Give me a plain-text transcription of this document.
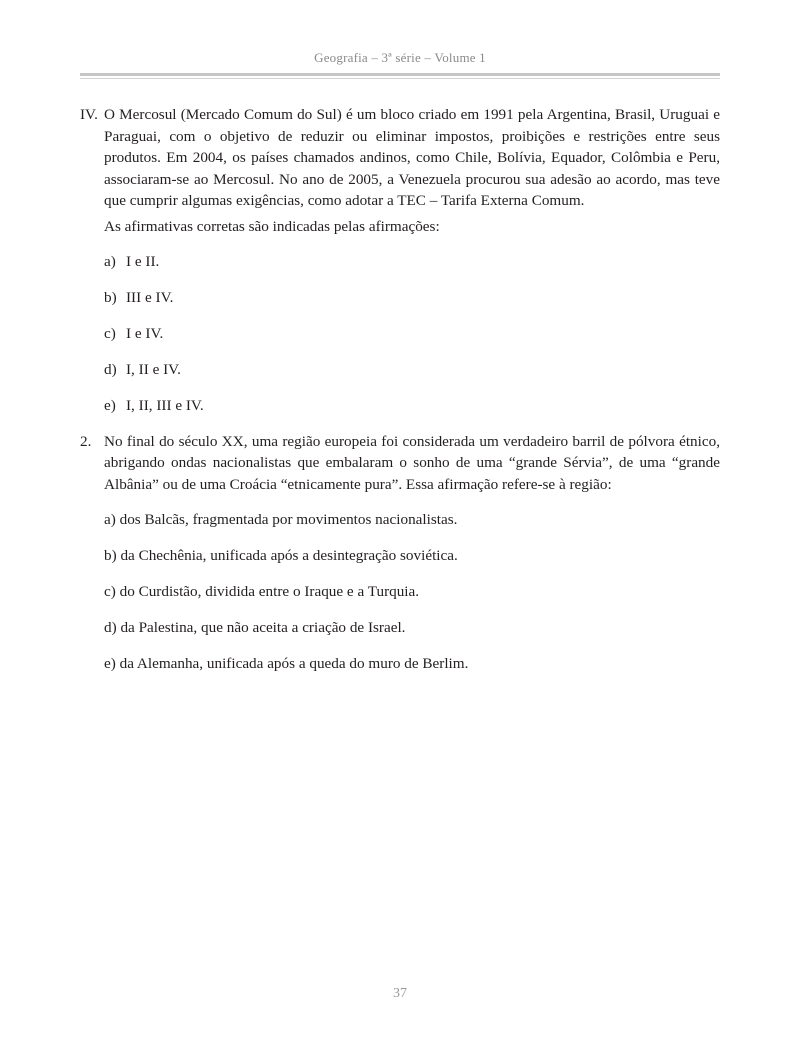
Geografia – 3ª série – Volume 1
IV. O Mercosul (Mercado Comum do Sul) é um bloco criado em 1991 pela Argentina, Brasil, Uruguai e Paraguai, com o objetivo de reduzir ou eliminar impostos, proibições e restrições entre seus produtos. Em 2004, os países chamados andinos, como Chile, Bolívia, Equador, Colômbia e Peru, associaram-se ao Mercosul. No ano de 2005, a Venezuela procurou sua adesão ao acordo, mas teve que cumprir algumas exigências, como adotar a TEC – Tarifa Externa Comum.
As afirmativas corretas são indicadas pelas afirmações:
a) I e II.
b) III e IV.
c) I e IV.
d) I, II e IV.
e) I, II, III e IV.
2. No final do século XX, uma região europeia foi considerada um verdadeiro barril de pólvora étnico, abrigando ondas nacionalistas que embalaram o sonho de uma “grande Sérvia”, de uma “grande Albânia” ou de uma Croácia “etnicamente pura”. Essa afirmação refere-se à região:
a) dos Balcãs, fragmentada por movimentos nacionalistas.
b) da Chechênia, unificada após a desintegração soviética.
c) do Curdistão, dividida entre o Iraque e a Turquia.
d) da Palestina, que não aceita a criação de Israel.
e) da Alemanha, unificada após a queda do muro de Berlim.
37
